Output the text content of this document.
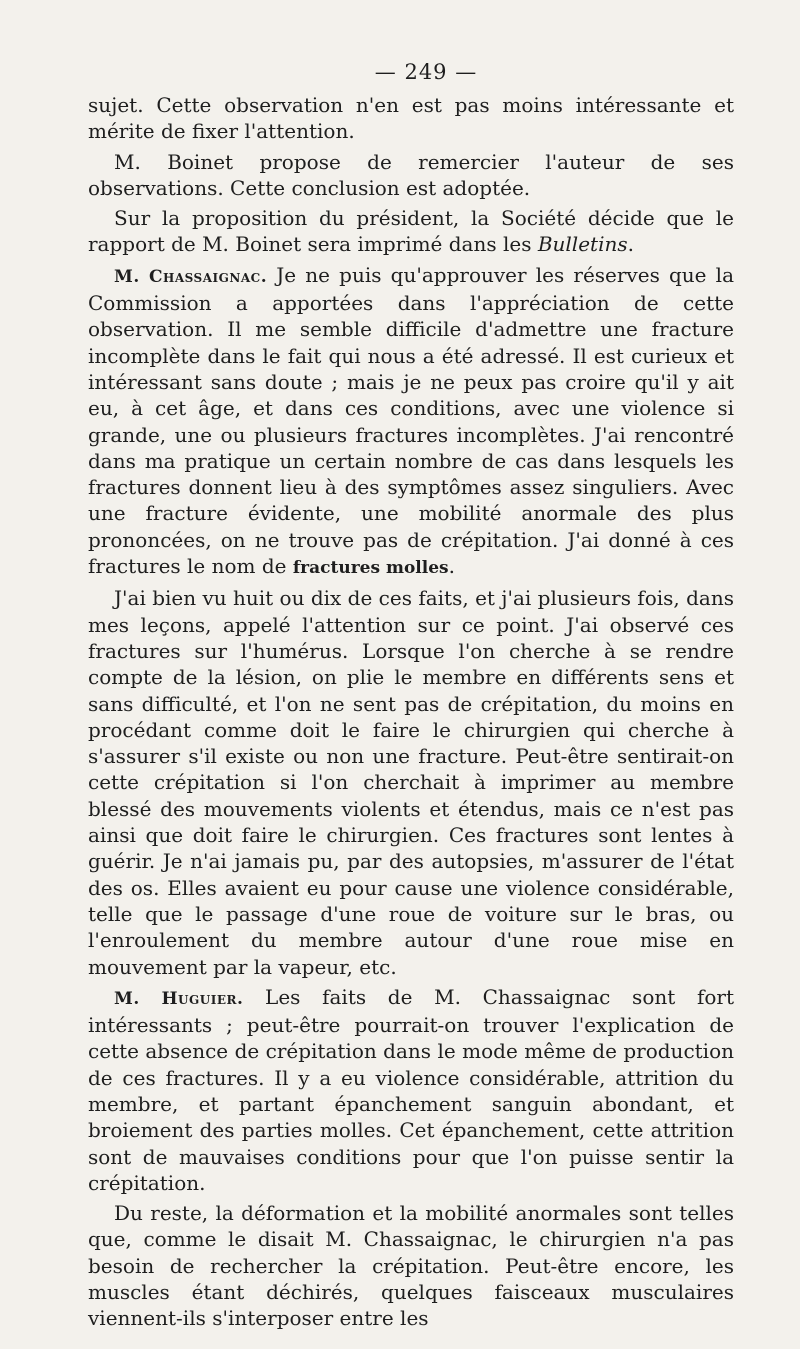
— 249 —

sujet. Cette observation n'en est pas moins intéressante et mérite de fixer l'attention.

M. Boinet propose de remercier l'auteur de ses observations. Cette conclusion est adoptée.

Sur la proposition du président, la Société décide que le rapport de M. Boinet sera imprimé dans les Bulletins.

M. Chassaignac. Je ne puis qu'approuver les réserves que la Commission a apportées dans l'appréciation de cette observation. Il me semble difficile d'admettre une fracture incomplète dans le fait qui nous a été adressé. Il est curieux et intéressant sans doute ; mais je ne peux pas croire qu'il y ait eu, à cet âge, et dans ces conditions, avec une violence si grande, une ou plusieurs fractures incomplètes. J'ai rencontré dans ma pratique un certain nombre de cas dans lesquels les fractures donnent lieu à des symptômes assez singuliers. Avec une fracture évidente, une mobilité anormale des plus prononcées, on ne trouve pas de crépitation. J'ai donné à ces fractures le nom de fractures molles.

J'ai bien vu huit ou dix de ces faits, et j'ai plusieurs fois, dans mes leçons, appelé l'attention sur ce point. J'ai observé ces fractures sur l'humérus. Lorsque l'on cherche à se rendre compte de la lésion, on plie le membre en différents sens et sans difficulté, et l'on ne sent pas de crépitation, du moins en procédant comme doit le faire le chirurgien qui cherche à s'assurer s'il existe ou non une fracture. Peut-être sentirait-on cette crépitation si l'on cherchait à imprimer au membre blessé des mouvements violents et étendus, mais ce n'est pas ainsi que doit faire le chirurgien. Ces fractures sont lentes à guérir. Je n'ai jamais pu, par des autopsies, m'assurer de l'état des os. Elles avaient eu pour cause une violence considérable, telle que le passage d'une roue de voiture sur le bras, ou l'enroulement du membre autour d'une roue mise en mouvement par la vapeur, etc.

M. Huguier. Les faits de M. Chassaignac sont fort intéressants ; peut-être pourrait-on trouver l'explication de cette absence de crépitation dans le mode même de production de ces fractures. Il y a eu violence considérable, attrition du membre, et partant épanchement sanguin abondant, et broiement des parties molles. Cet épanchement, cette attrition sont de mauvaises conditions pour que l'on puisse sentir la crépitation.

Du reste, la déformation et la mobilité anormales sont telles que, comme le disait M. Chassaignac, le chirurgien n'a pas besoin de rechercher la crépitation. Peut-être encore, les muscles étant déchirés, quelques faisceaux musculaires viennent-ils s'interposer entre les
